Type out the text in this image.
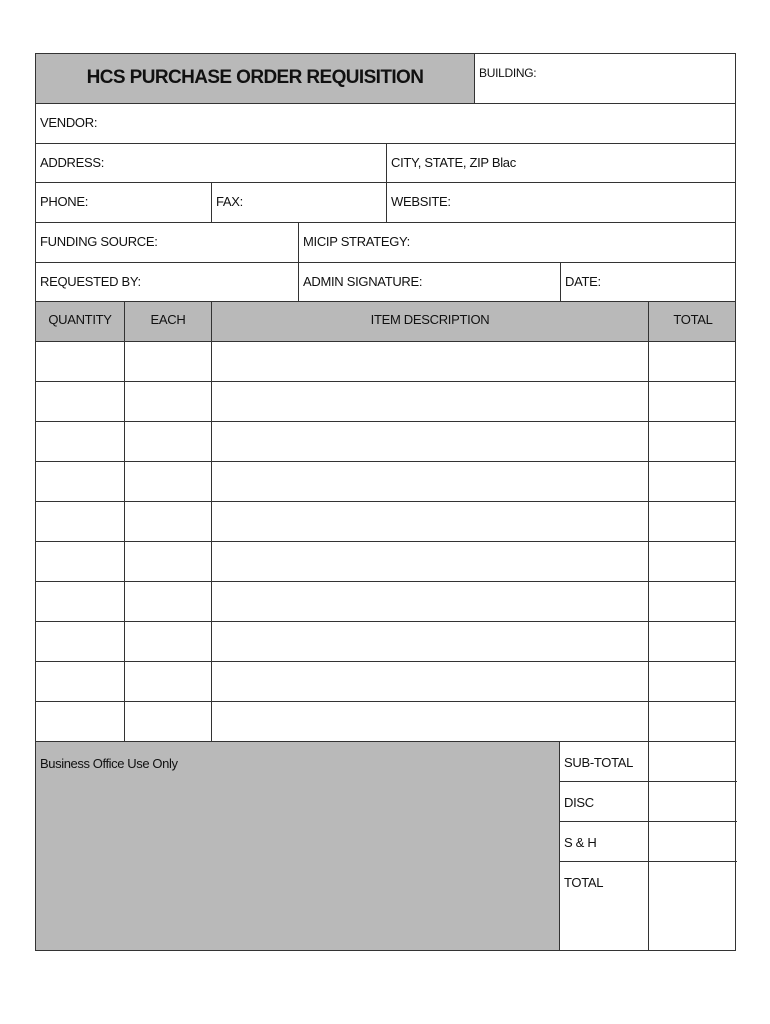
HCS PURCHASE ORDER REQUISITION	BUILDING:
VENDOR:
ADDRESS:	CITY, STATE, ZIP Blac
PHONE:	FAX:	WEBSITE:
FUNDING SOURCE:	MICIP STRATEGY:
REQUESTED BY:	ADMIN SIGNATURE:	DATE:
QUANTITY	EACH	ITEM DESCRIPTION	TOTAL
Business Office Use Only	SUB-TOTAL
DISC
S & H
TOTAL
